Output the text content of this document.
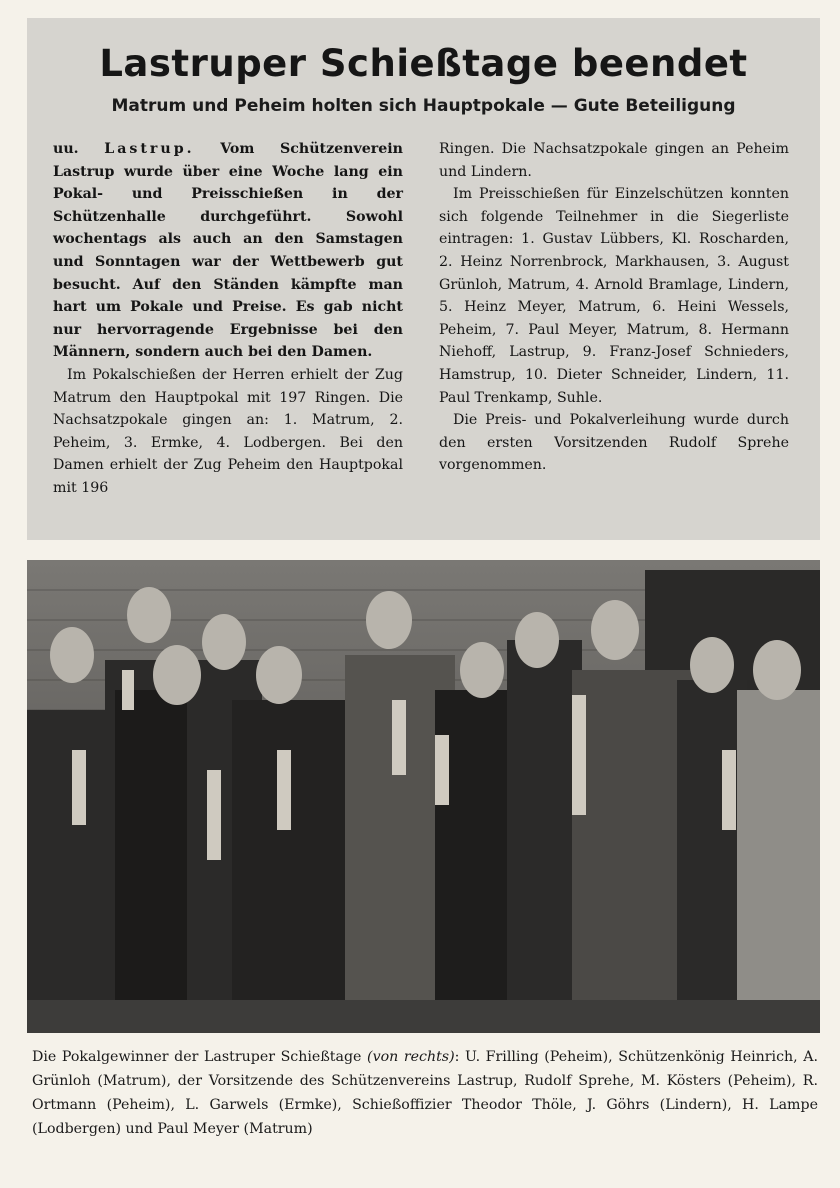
Lastruper Schießtage beendet
Matrum und Peheim holten sich Hauptpokale — Gute Beteiligung

uu. Lastrup. Vom Schützenverein Lastrup wurde über eine Woche lang ein Pokal- und Preisschießen in der Schützenhalle durchgeführt. Sowohl wochentags als auch an den Samstagen und Sonntagen war der Wettbewerb gut besucht. Auf den Ständen kämpfte man hart um Pokale und Preise. Es gab nicht nur hervorragende Ergebnisse bei den Männern, sondern auch bei den Damen.

Im Pokalschießen der Herren erhielt der Zug Matrum den Hauptpokal mit 197 Ringen. Die Nachsatzpokale gingen an: 1. Matrum, 2. Peheim, 3. Ermke, 4. Lodbergen. Bei den Damen erhielt der Zug Peheim den Hauptpokal mit 196

Ringen. Die Nachsatzpokale gingen an Peheim und Lindern.

Im Preisschießen für Einzelschützen konnten sich folgende Teilnehmer in die Siegerliste eintragen: 1. Gustav Lübbers, Kl. Roscharden, 2. Heinz Norrenbrock, Markhausen, 3. August Grünloh, Matrum, 4. Arnold Bramlage, Lindern, 5. Heinz Meyer, Matrum, 6. Heini Wessels, Peheim, 7. Paul Meyer, Matrum, 8. Hermann Niehoff, Lastrup, 9. Franz-Josef Schnieders, Hamstrup, 10. Dieter Schneider, Lindern, 11. Paul Trenkamp, Suhle.

Die Preis- und Pokalverleihung wurde durch den ersten Vorsitzenden Rudolf Sprehe vorgenommen.

Die Pokalgewinner der Lastruper Schießtage (von rechts): U. Frilling (Peheim), Schützenkönig Heinrich, A. Grünloh (Matrum), der Vorsitzende des Schützenvereins Lastrup, Rudolf Sprehe, M. Kösters (Peheim), R. Ortmann (Peheim), L. Garwels (Ermke), Schießoffizier Theodor Thöle, J. Göhrs (Lindern), H. Lampe (Lodbergen) und Paul Meyer (Matrum)
